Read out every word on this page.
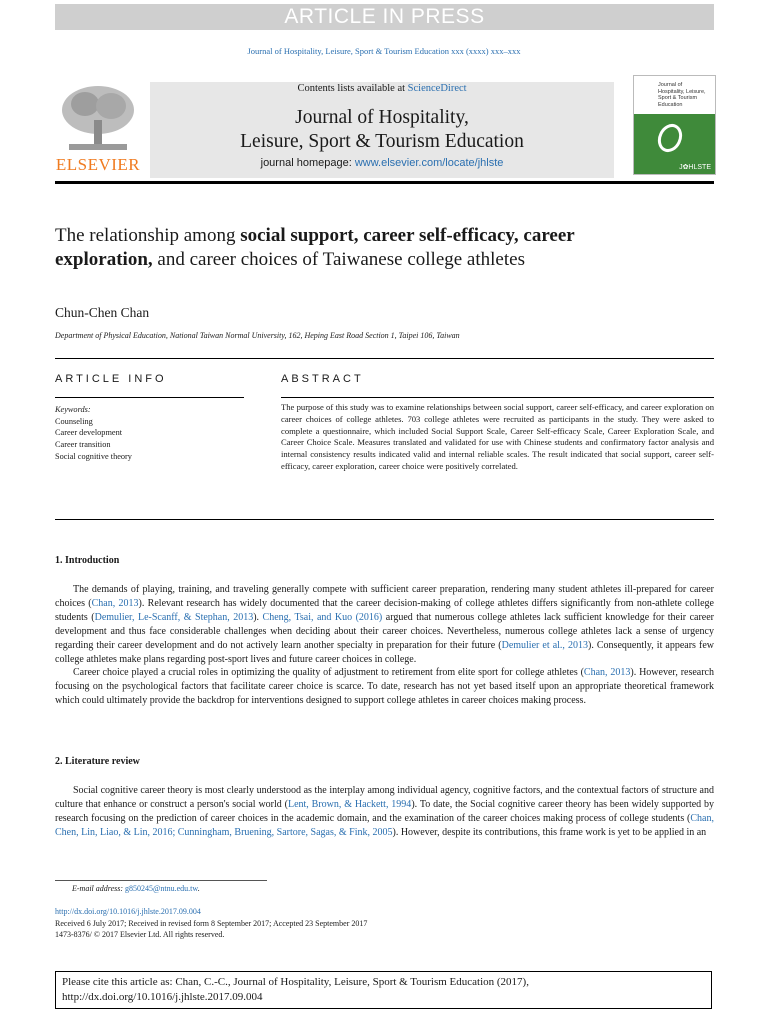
ARTICLE IN PRESS
Journal of Hospitality, Leisure, Sport & Tourism Education xxx (xxxx) xxx–xxx
ELSEVIER
Contents lists available at ScienceDirect
Journal of Hospitality,
Leisure, Sport & Tourism Education
journal homepage: www.elsevier.com/locate/jhlste
Journal of Hospitality, Leisure, Sport & Tourism Education
J✿HLSTE
The relationship among social support, career self-efficacy, career exploration, and career choices of Taiwanese college athletes
Chun-Chen Chan
Department of Physical Education, National Taiwan Normal University, 162, Heping East Road Section 1, Taipei 106, Taiwan
ARTICLE INFO	ABSTRACT
Keywords:
Counseling
Career development
Career transition
Social cognitive theory
The purpose of this study was to examine relationships between social support, career self-efficacy, and career exploration on career choices of college athletes. 703 college athletes were recruited as participants in the study. They were asked to complete a questionnaire, which included Social Support Scale, Career Self-efficacy Scale, Career Exploration Scale, and Career Choice Scale. Measures translated and validated for use with Chinese students and confirmatory factor analysis and internal consistency results indicated valid and internal reliable scales. The result indicated that social support, career self-efficacy, career exploration, career choice were positively correlated.
1. Introduction
The demands of playing, training, and traveling generally compete with sufficient career preparation, rendering many student athletes ill-prepared for career choices (Chan, 2013). Relevant research has widely documented that the career decision-making of college athletes differs significantly from non-athlete college students (Demulier, Le-Scanff, & Stephan, 2013). Cheng, Tsai, and Kuo (2016) argued that numerous college athletes lack sufficient knowledge for their career development and thus face considerable challenges when deciding about their career choices. Nevertheless, numerous college athletes lack a sense of urgency regarding their career development and do not actively learn another specialty in preparation for their future (Demulier et al., 2013). Consequently, it appears few college athletes make plans regarding post-sport lives and future career choices in college.
Career choice played a crucial roles in optimizing the quality of adjustment to retirement from elite sport for college athletes (Chan, 2013). However, research focusing on the psychological factors that facilitate career choice is scarce. To date, research has not yet based itself upon an appropriate theoretical framework which could ultimately provide the backdrop for interventions designed to support college athletes in career choices making process.
2. Literature review
Social cognitive career theory is most clearly understood as the interplay among individual agency, cognitive factors, and the contextual factors of structure and culture that enhance or construct a person's social world (Lent, Brown, & Hackett, 1994). To date, the Social cognitive career theory has been widely supported by research focusing on the prediction of career choices in the academic domain, and the examination of the career choices making process of college students (Chan, Chen, Lin, Liao, & Lin, 2016; Cunningham, Bruening, Sartore, Sagas, & Fink, 2005). However, despite its contributions, this frame work is yet to be applied in an
E-mail address: g850245@ntnu.edu.tw.
http://dx.doi.org/10.1016/j.jhlste.2017.09.004
Received 6 July 2017; Received in revised form 8 September 2017; Accepted 23 September 2017
1473-8376/ © 2017 Elsevier Ltd. All rights reserved.
Please cite this article as: Chan, C.-C., Journal of Hospitality, Leisure, Sport & Tourism Education (2017),
http://dx.doi.org/10.1016/j.jhlste.2017.09.004
